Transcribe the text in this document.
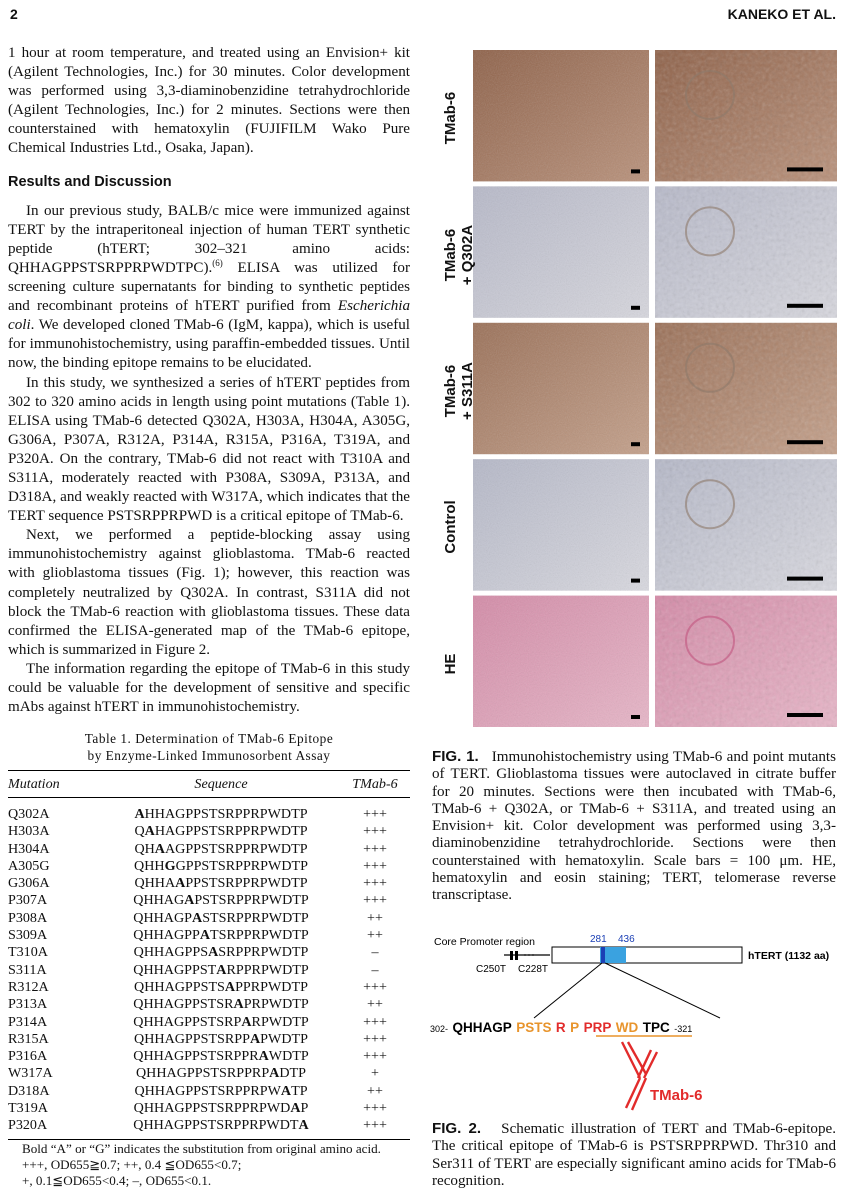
2	KANEKO ET AL.

1 hour at room temperature, and treated using an Envision+ kit (Agilent Technologies, Inc.) for 30 minutes. Color development was performed using 3,3-diaminobenzidine tetrahydrochloride (Agilent Technologies, Inc.) for 2 minutes. Sections were then counterstained with hematoxylin (FUJIFILM Wako Pure Chemical Industries Ltd., Osaka, Japan).

Results and Discussion

In our previous study, BALB/c mice were immunized against TERT by the intraperitoneal injection of human TERT synthetic peptide (hTERT; 302–321 amino acids: QHHAGPPSTSRPPRPWDTPC).$^{(6)}$ ELISA was utilized for screening culture supernatants for binding to synthetic peptides and recombinant proteins of hTERT purified from Escherichia coli. We developed cloned TMab-6 (IgM, kappa), which is useful for immunohistochemistry, using paraffin-embedded tissues. Until now, the binding epitope remains to be elucidated.

In this study, we synthesized a series of hTERT peptides from 302 to 320 amino acids in length using point mutations (Table 1). ELISA using TMab-6 detected Q302A, H303A, H304A, A305G, G306A, P307A, R312A, P314A, R315A, P316A, T319A, and P320A. On the contrary, TMab-6 did not react with T310A and S311A, moderately reacted with P308A, S309A, P313A, and D318A, and weakly reacted with W317A, which indicates that the TERT sequence PSTSRPPRPWD is a critical epitope of TMab-6.

Next, we performed a peptide-blocking assay using immunohistochemistry against glioblastoma. TMab-6 reacted with glioblastoma tissues (Fig. 1); however, this reaction was completely neutralized by Q302A. In contrast, S311A did not block the TMab-6 reaction with glioblastoma tissues. These data confirmed the ELISA-generated map of the TMab-6 epitope, which is summarized in Figure 2.

The information regarding the epitope of TMab-6 in this study could be valuable for the development of sensitive and specific mAbs against hTERT in immunohistochemistry.

Table 1. Determination of TMab-6 Epitope
by Enzyme-Linked Immunosorbent Assay
Mutation	Sequence	TMab-6
Q302A	AHHAGPPSTSRPPRPWDTP	+++
H303A	QAHAGPPSTSRPPRPWDTP	+++
H304A	QHAAGPPSTSRPPRPWDTP	+++
A305G	QHHGGPPSTSRPPRPWDTP	+++
G306A	QHHAAPPSTSRPPRPWDTP	+++
P307A	QHHAGAPSTSRPPRPWDTP	+++
P308A	QHHAGPASTSRPPRPWDTP	++
S309A	QHHAGPPATSRPPRPWDTP	++
T310A	QHHAGPPSASRPPRPWDTP	–
S311A	QHHAGPPSTARPPRPWDTP	–
R312A	QHHAGPPSTSAPPRPWDTP	+++
P313A	QHHAGPPSTSRAPRPWDTP	++
P314A	QHHAGPPSTSRPARPWDTP	+++
R315A	QHHAGPPSTSRPPAPWDTP	+++
P316A	QHHAGPPSTSRPPRAWDTP	+++
W317A	QHHAGPPSTSRPPRPADTP	+
D318A	QHHAGPPSTSRPPRPWATP	++
T319A	QHHAGPPSTSRPPRPWDAP	+++
P320A	QHHAGPPSTSRPPRPWDTA	+++
Bold “A” or “G” indicates the substitution from original amino acid.
+++, OD655≧0.7; ++, 0.4 ≦OD655<0.7;
+, 0.1≦OD655<0.4; –, OD655<0.1.
TMab-6
TMab-6
+ Q302A
TMab-6
+ S311A
Control
HE
FIG. 1. Immunohistochemistry using TMab-6 and point mutants of TERT. Glioblastoma tissues were autoclaved in citrate buffer for 20 minutes. Sections were then incubated with TMab-6, TMab-6 + Q302A, or TMab-6 + S311A, and treated using an Envision+ kit. Color development was performed using 3,3-diaminobenzidine tetrahydrochloride. Sections were then counterstained with hematoxylin. Scale bars = 100 μm. HE, hematoxylin and eosin staining; TERT, telomerase reverse transcriptase.
Core Promoter region
C250T C228T
281 436
hTERT (1132 aa)
302- QHHAGP PSTS R P PRP WD TPC -321
TMab-6
FIG. 2. Schematic illustration of TERT and TMab-6-epitope. The critical epitope of TMab-6 is PSTSRPPRPWD. Thr310 and Ser311 of TERT are especially significant amino acids for TMab-6 recognition.
